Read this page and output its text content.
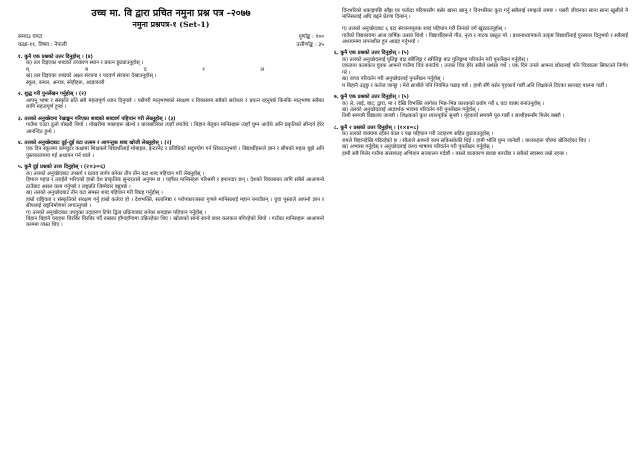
उच्च मा. वि द्वारा प्रचित नमुना प्रश्न पत्र -२०७७
नमुना प्रश्नपत्र-१ (Set-1)
समय३ घण्टा	पूर्णाङ्क : १००
कक्षा-११, विषय : नेपाली	उत्तीर्णाङ्क : ३५

१. कुनै एक प्रश्नको उत्तर दिनुहोस् । (४)

क) तल दिइएका शब्दको उच्चारण स्थान र प्रयत्न छुट्याउनुहोस् ।

म्	ब	द	र	ल

ख) तल दिइएका शब्दको अक्षर संरचना र पदवर्ण संरचना देखाउनुहोस् ।

स्कूल, कमल, अन्यत्र, स्नेहीहरू, आज्ञाकारी

२. शुद्ध गरी पुनर्लेखन गर्नुहोस् । (२)

आफ्नु भाषा र संस्कृति प्रति सबै महत्वपूर्ण ध्यान दिनुपर्छ । यसैगरी मातृभाषाको संरक्षण र विकासमा सबैको सरोकार र प्रयत्न रहनुपर्छ किनकि मातृभाषा सबैका लागि महत्वपूर्ण हुन्छ ।

३. तलको अनुच्छेदमा रेखाङ्कन गरिएका शब्दको शब्दवर्ग पहिचान गरी लेख्नुहोस् । (३)

गाउँमा एउटा ठूलो पोखरी थियो । पोखरीमा माछाहरू खेल्थे र बालबालिका त्यहाँ रमाउँथे । बिहान बेलुका मानिसहरू त्यहाँ घुम्न आउँथे अनि प्रकृतिको सौन्दर्य हेरेर आनन्दित हुन्थे ।

४. तलको अनुच्छेदबाट दुई-दुई वटा तत्सम र आगन्तुक शब्द खोजी लेख्नुहोस् । (२)

एक दिन स्कूलमा कम्प्युटर कक्षामा शिक्षकले विद्यार्थीलाई मोबाइल, इन्टरनेट र प्रविधिको सदुपयोग गर्न सिकाउनुभयो । विद्यार्थीहरूले ज्ञान र सीपको महत्व बुझे अनि पुस्तकालयमा गई अध्ययन गर्न थाले ।

५. कुनै दुई प्रश्नको उत्तर दिनुहोस् । (२×३=६)

क) तलको अनुच्छेदबाट उपसर्ग र प्रत्यय लागेर बनेका तीन तीन वटा शब्द पहिचान गरी लेख्नुहोस् ।

हिमाल पहाड र तराईले भरिएको हाम्रो देश प्राकृतिक सुन्दरताले अनुपम छ । यहाँका मानिसहरू परिश्रमी र इमानदार छन् । देशको विकासका लागि सबैले आआफ्नो ठाउँबाट असल काम गर्नुपर्छ र राष्ट्रप्रति जिम्मेवार बन्नुपर्छ ।

ख) तलको अनुच्छेदबाट तीन वटा समस्त शब्द पहिचान गरी विग्रह गर्नुहोस् ।

हाम्रो राष्ट्रियता र संस्कृतिको संरक्षण गर्नु हाम्रो कर्तव्य हो । देशभक्ति, सत्यनिष्ठा र परोपकारजस्ता गुणले मानिसलाई महान बनाउँछन् । युवा पुस्ताले आफ्नो ज्ञान र सीपलाई राष्ट्रनिर्माणमा लगाउनुपर्छ ।

ग) तलको अनुच्छेदबाट उपयुक्त उदाहरण टिपेर द्वित्व प्रक्रियाबाट बनेका शब्दहरू पहिचान गर्नुहोस् ।

बिहान बिहानै चराहरू चिरबिर चिरबिर गर्दै रुखका हाँगाहाँगामा उफ्रिरहेका थिए । खोलाको सानो सानो छाल कलकल बगिरहेको थियो । गाउँका मानिसहरू आआफ्नो काममा व्यस्त थिए ।

दिनभरिको थकाइपछि साँझ घर फर्कंदा परिवारसँग बसेर खाना खानु र दिनभरिका कुरा गर्नु सबैलाई रमाइलो लाग्छ । यसरी जीवनका साना साना खुसीले नै मानिसलाई अघि बढ्ने प्रेरणा दिन्छन् ।

ग) तलको अनुच्छेदबाट ६ वटा संरचनामूलक शब्द पहिचान गरी तिनको वर्ग खुट्याउनुहोस् ।

गाउँको विद्यालयमा आज वार्षिक उत्सव थियो । विद्यार्थीहरूले गीत, नृत्य र नाटक प्रस्तुत गरे । प्रधानाध्यापकले उत्कृष्ट विद्यार्थीलाई पुरस्कार दिनुभयो र सबैलाई अध्ययनमा लगनशील हुन आग्रह गर्नुभयो ।

६. कुनै एक प्रश्नको उत्तर दिनुहोस् । (५)

क) तलको अनुच्छेदलाई पुलिङ्ग बाट स्त्रीलिङ्ग र स्त्रीलिङ्ग बाट पुलिङ्गमा परिवर्तन गरी पुनर्लेखन गर्नुहोस् ।

एकजना कलाकार युवक आफ्नो गाउँमा चित्र बनाउँथे । उनका चित्र हेरेर सबैले प्रशंसा गर्थे । एक दिन उनले आफ्ना छोरालाई पनि चित्रकला सिकाउने निर्णय गरे ।

ख) वाच्य परिवर्तन गरी अनुच्छेदलाई पुनर्लेखन गर्नुहोस् ।

म बिहानै उठ्छु र कलेज जान्छु । मेरो साथीले पनि नियमित पढाइ गर्छ । हामी सँगै बसेर गृहकार्य गर्छौं अनि शिक्षकले दिएका सल्लाह पालना गर्छौं ।

७. कुनै एक प्रश्नको उत्तर दिनुहोस् । (५)

क) ले, लाई, बाट, द्वारा, मा र देखि विभक्ति लागेका भिन्न-भिन्न कारकको प्रयोग गरी ६ वटा वाक्य बनाउनुहोस् ।

ख) तलको अनुच्छेदलाई आज्ञार्थक भावमा परिवर्तन गरी पुनर्लेखन गर्नुहोस् ।

तिमी समयमै विद्यालय जान्छौ । शिक्षकको कुरा ध्यानपूर्वक सुन्छौ । गृहकार्य समयमै पूरा गर्छौ र साथीहरूसँग मिलेर बस्छौ ।

८. कुनै २ प्रश्नको उत्तर दिनुहोस् । (२×४=८)

क) तलको वाक्यमा रहेका काल र पक्ष पहिचान गरी उदाहरण सहित छुट्याउनुहोस् ।

रामले बिहानदेखि पढिरहेको छ । सीताले आफ्नो काम सकिसकेकी थिई । हामी भोलि घुम्न जानेछौं । बालकहरू चौरमा खेलिरहेका थिए ।

ख) अभ्यास गर्नुहोस् र अनुच्छेदलाई कथ्य भाषामा परिवर्तन गरी पुनर्लेखन गर्नुहोस् ।

हामी सबै मिलेर गाउँमा सरसफाइ अभियान सञ्चालन गर्दछौं । यसले वातावरण स्वच्छ बनाउँछ र सबैको स्वास्थ्य राम्रो रहन्छ ।
